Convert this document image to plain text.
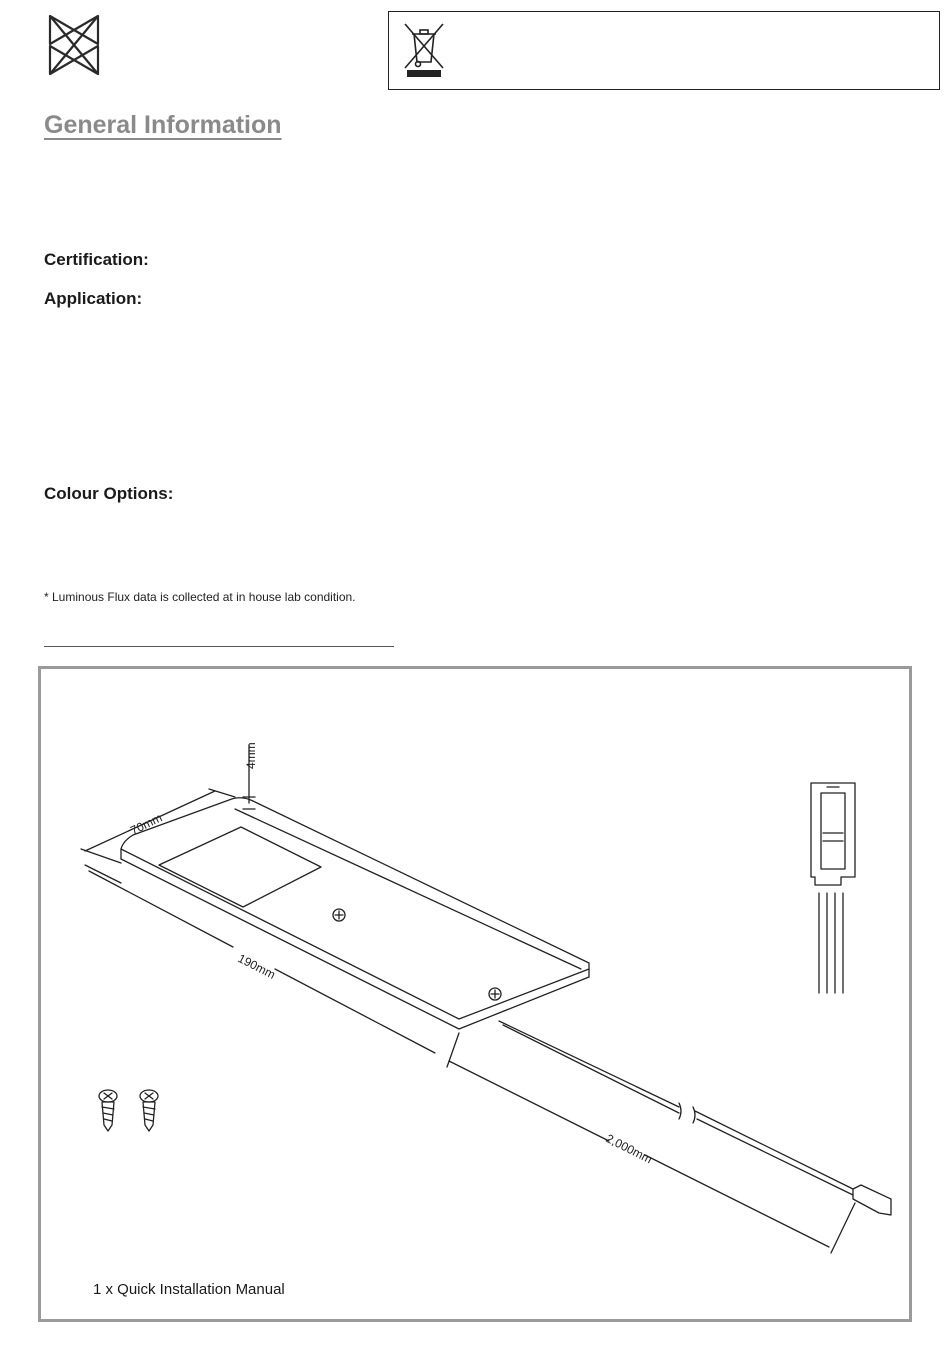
General Information
Certification:
Application:
Colour Options:
* Luminous Flux data is collected at in house lab condition.
4mm
70mm
190mm
2,000mm
1 x Quick Installation Manual
